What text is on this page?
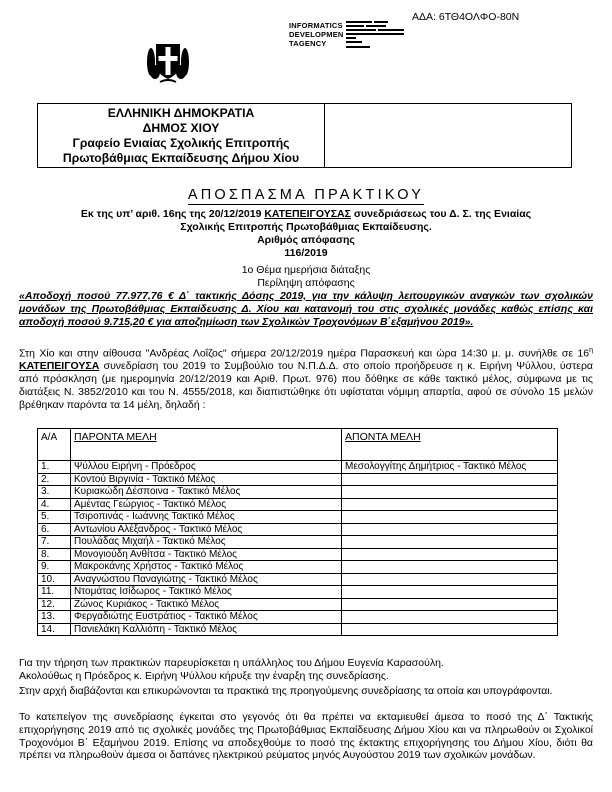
ΑΔΑ: 6ΤΘ4ΟΛΦΟ-80Ν
INFORMATICS
DEVELOPMEN
TAGENCY
ΕΛΛΗΝΙΚΗ ΔΗΜΟΚΡΑΤΙΑ
ΔΗΜΟΣ ΧΙΟΥ
Γραφείο Ενιαίας Σχολικής Επιτροπής
Πρωτοβάθμιας Εκπαίδευσης Δήμου Χίου
ΑΠΟΣΠΑΣΜΑ ΠΡΑΚΤΙΚΟΥ
Εκ της υπ’ αριθ. 16ης της 20/12/2019 ΚΑΤΕΠΕΙΓΟΥΣΑΣ συνεδριάσεως του Δ. Σ. της Ενιαίας
Σχολικής Επιτροπής Πρωτοβάθμιας Εκπαίδευσης.
Αριθμός απόφασης
116/2019
1ο Θέμα ημερήσια διάταξης
Περίληψη απόφασης
«Αποδοχή ποσού 77.977,76 € Δ΄ τακτικής Δόσης 2019, για την κάλυψη λειτουργικών αναγκών των σχολικών μονάδων της Πρωτοβάθμιας Εκπαίδευσης Δ. Χίου και κατανομή του στις σχολικές μονάδες καθώς επίσης και αποδοχή ποσού 9.715,20 € για αποζημίωση των Σχολικών Τροχονόμων Β΄εξαμήνου 2019».
Στη Χίο και στην αίθουσα "Ανδρέας Λοΐζος" σήμερα 20/12/2019 ημέρα Παρασκευή και ώρα 14:30 μ. μ. συνήλθε σε $16^\eta$ ΚΑΤΕΠΕΙΓΟΥΣΑ συνεδρίαση του 2019 το Συμβούλιο του Ν.Π.Δ.Δ. στο οποίο προήδρευσε η κ. Ειρήνη Ψύλλου, ύστερα από πρόσκληση (με ημερομηνία 20/12/2019 και Αριθ. Πρωτ. 976) που δόθηκε σε κάθε τακτικό μέλος, σύμφωνα με τις διατάξεις Ν. 3852/2010 και του Ν. 4555/2018, και διαπιστώθηκε ότι υφίσταται νόμιμη απαρτία, αφού σε σύνολο 15 μελών βρέθηκαν παρόντα τα 14 μέλη, δηλαδή :
Α/Α	ΠΑΡΟΝΤΑ ΜΕΛΗ	ΑΠΟΝΤΑ ΜΕΛΗ
1.	Ψύλλου Ειρήνη - Πρόεδρος	Μεσολογγίτης Δημήτριος - Τακτικό Μέλος
2.	Κοντού Βιργινία - Τακτικό Μέλος	
3.	Κυριακώδη Δέσποινα - Τακτικό Μέλος	
4.	Αμέντας Γεώργιος - Τακτικό Μέλος	
5.	Τσιροπινάς - Ιωάννης Τακτικό Μέλος	
6.	Αντωνίου Αλέξανδρος - Τακτικό Μέλος	
7.	Πουλάδας Μιχαήλ - Τακτικό Μέλος	
8.	Μονογιούδη Ανθίτσα - Τακτικό Μέλος	
9.	Μακροκάνης Χρήστος - Τακτικό Μέλος	
10.	Αναγνώστου Παναγιώτης - Τακτικό Μέλος	
11.	Ντομάτας Ισίδωρος - Τακτικό Μέλος	
12.	Ζώνος Κυριάκος - Τακτικό Μέλος	
13.	Φεργαδιώτης Ευστράτιος - Τακτικό Μέλος	
14.	Πανιελάκη Καλλιόπη - Τακτικό Μέλος	
Για την τήρηση των πρακτικών παρευρίσκεται η υπάλληλος του Δήμου Ευγενία Καρασούλη.
Ακολούθως η Πρόεδρος κ. Ειρήνη Ψύλλου κήρυξε την έναρξη της συνεδρίασης.
Στην αρχή διαβάζονται και επικυρώνονται τα πρακτικά της προηγούμενης συνεδρίασης τα οποία και υπογράφονται.
Το κατεπείγον της συνεδρίασης έγκειται στο γεγονός ότι θα πρέπει να εκταμιευθεί άμεσα το ποσό της Δ΄ Τακτικής επιχορήγησης 2019 από τις σχολικές μονάδες της Πρωτοβάθμιας Εκπαίδευσης Δήμου Χίου και να πληρωθούν οι Σχολικοί Τροχονόμοι Β΄ Εξαμήνου 2019. Επίσης να αποδεχθούμε το ποσό της έκτακτης επιχορήγησης του Δήμου Χίου, διότι θα πρέπει να πληρωθούν άμεσα οι δαπάνες ηλεκτρικού ρεύματος μηνός Αυγούστου 2019 των σχολικών μονάδων.
